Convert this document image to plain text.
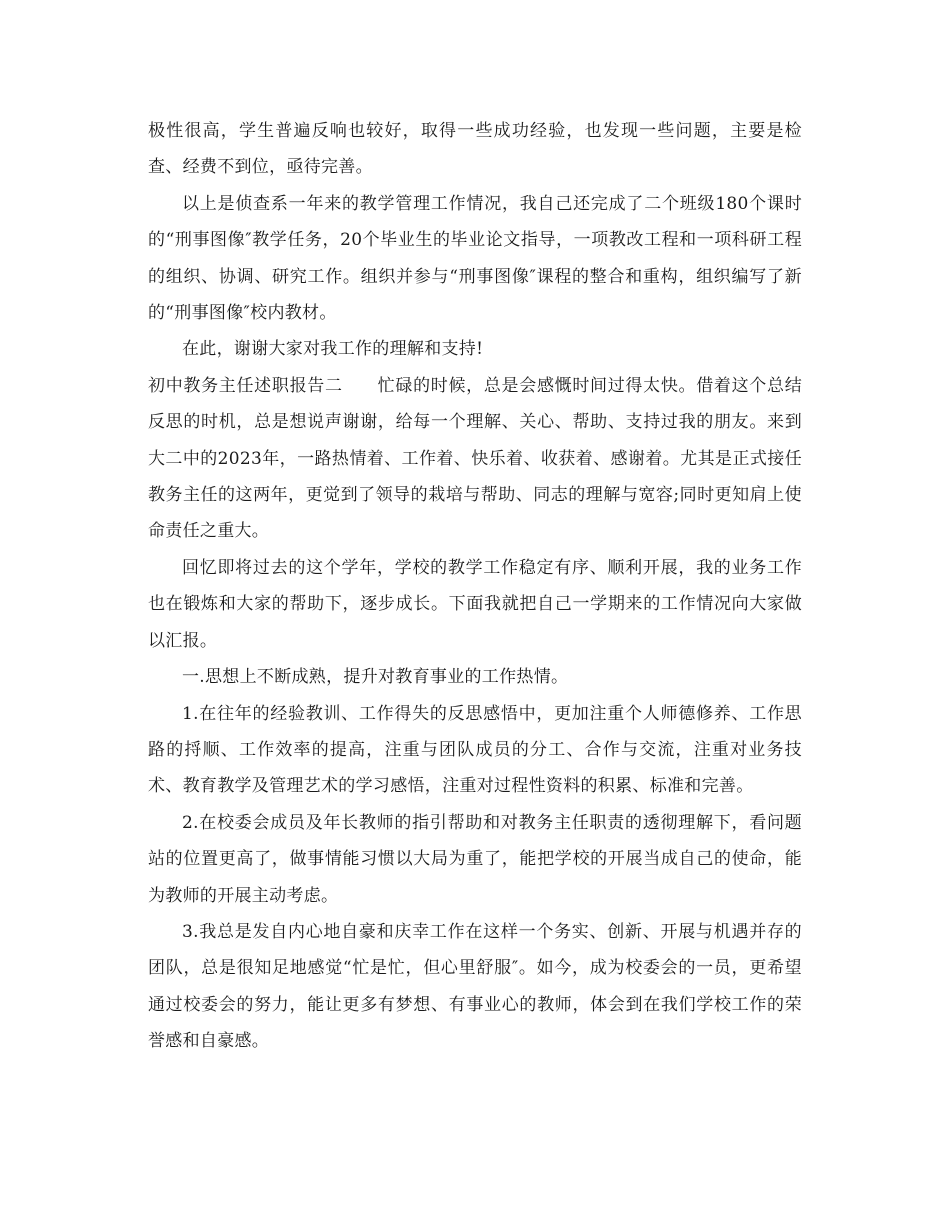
极性很高，学生普遍反响也较好，取得一些成功经验，也发现一些问题，主要是检查、经费不到位，亟待完善。

以上是侦查系一年来的教学管理工作情况，我自己还完成了二个班级180个课时的“刑事图像″教学任务，20个毕业生的毕业论文指导，一项教改工程和一项科研工程的组织、协调、研究工作。组织并参与“刑事图像″课程的整合和重构，组织编写了新的“刑事图像″校内教材。

在此，谢谢大家对我工作的理解和支持!

初中教务主任述职报告二   忙碌的时候，总是会感慨时间过得太快。借着这个总结反思的时机，总是想说声谢谢，给每一个理解、关心、帮助、支持过我的朋友。来到大二中的2023年，一路热情着、工作着、快乐着、收获着、感谢着。尤其是正式接任教务主任的这两年，更觉到了领导的栽培与帮助、同志的理解与宽容;同时更知肩上使命责任之重大。

回忆即将过去的这个学年，学校的教学工作稳定有序、顺利开展，我的业务工作也在锻炼和大家的帮助下，逐步成长。下面我就把自己一学期来的工作情况向大家做以汇报。

一.思想上不断成熟，提升对教育事业的工作热情。

1.在往年的经验教训、工作得失的反思感悟中，更加注重个人师德修养、工作思路的捋顺、工作效率的提高，注重与团队成员的分工、合作与交流，注重对业务技术、教育教学及管理艺术的学习感悟，注重对过程性资料的积累、标准和完善。

2.在校委会成员及年长教师的指引帮助和对教务主任职责的透彻理解下，看问题站的位置更高了，做事情能习惯以大局为重了，能把学校的开展当成自己的使命，能为教师的开展主动考虑。

3.我总是发自内心地自豪和庆幸工作在这样一个务实、创新、开展与机遇并存的团队，总是很知足地感觉“忙是忙，但心里舒服″。如今，成为校委会的一员，更希望通过校委会的努力，能让更多有梦想、有事业心的教师，体会到在我们学校工作的荣誉感和自豪感。
